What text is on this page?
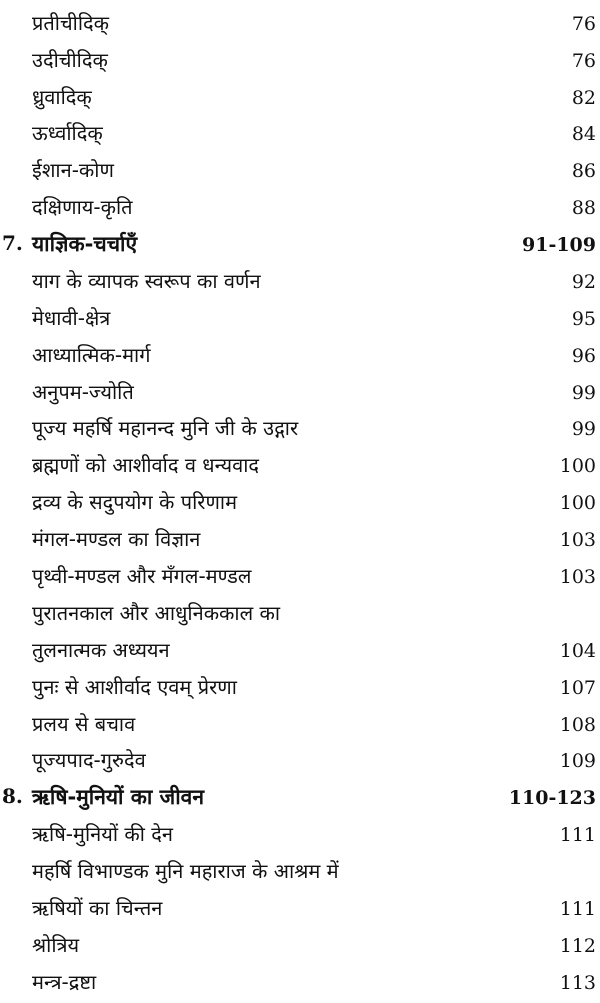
प्रतीचीदिक्	76
उदीचीदिक्	76
ध्रुवादिक्	82
ऊर्ध्वादिक्	84
ईशान-कोण	86
दक्षिणाय-कृति	88
7. याज्ञिक-चर्चाएँ	91-109
याग के व्यापक स्वरूप का वर्णन	92
मेधावी-क्षेत्र	95
आध्यात्मिक-मार्ग	96
अनुपम-ज्योति	99
पूज्य महर्षि महानन्द मुनि जी के उद्गार	99
ब्रह्मणों को आशीर्वाद व धन्यवाद	100
द्रव्य के सदुपयोग के परिणाम	100
मंगल-मण्डल का विज्ञान	103
पृथ्वी-मण्डल और मँगल-मण्डल	103
पुरातनकाल और आधुनिककाल का
तुलनात्मक अध्ययन	104
पुनः से आशीर्वाद एवम् प्रेरणा	107
प्रलय से बचाव	108
पूज्यपाद-गुरुदेव	109
8. ऋषि-मुनियों का जीवन	110-123
ऋषि-मुनियों की देन	111
महर्षि विभाण्डक मुनि महाराज के आश्रम में
ऋषियों का चिन्तन	111
श्रोत्रिय	112
मन्त्र-द्रष्टा	113
